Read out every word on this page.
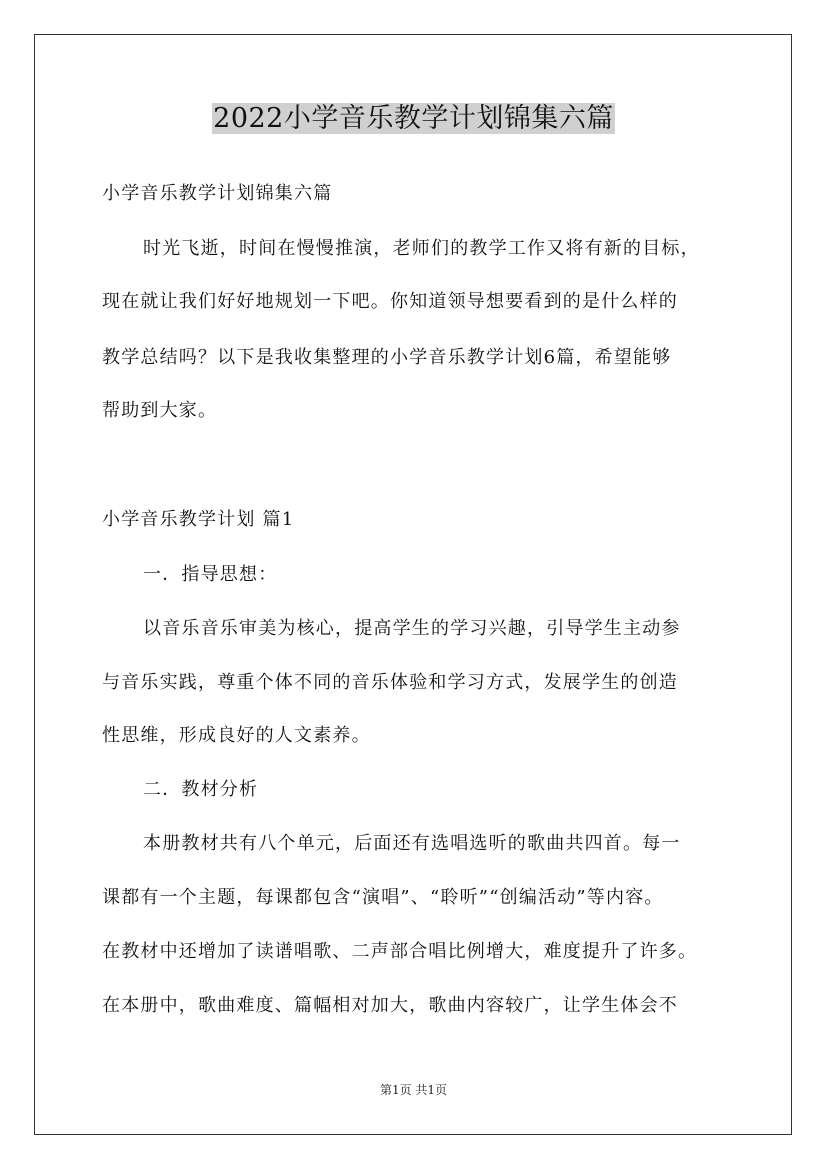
2022小学音乐教学计划锦集六篇
小学音乐教学计划锦集六篇
时光飞逝，时间在慢慢推演，老师们的教学工作又将有新的目标，
现在就让我们好好地规划一下吧。你知道领导想要看到的是什么样的
教学总结吗？以下是我收集整理的小学音乐教学计划6篇，希望能够
帮助到大家。
小学音乐教学计划 篇1
一．指导思想：
以音乐音乐审美为核心，提高学生的学习兴趣，引导学生主动参
与音乐实践，尊重个体不同的音乐体验和学习方式，发展学生的创造
性思维，形成良好的人文素养。
二．教材分析
本册教材共有八个单元，后面还有选唱选听的歌曲共四首。每一
课都有一个主题，每课都包含“演唱”、“聆听”“创编活动”等内容。
在教材中还增加了读谱唱歌、二声部合唱比例增大，难度提升了许多。
在本册中，歌曲难度、篇幅相对加大，歌曲内容较广，让学生体会不
第1页 共1页
